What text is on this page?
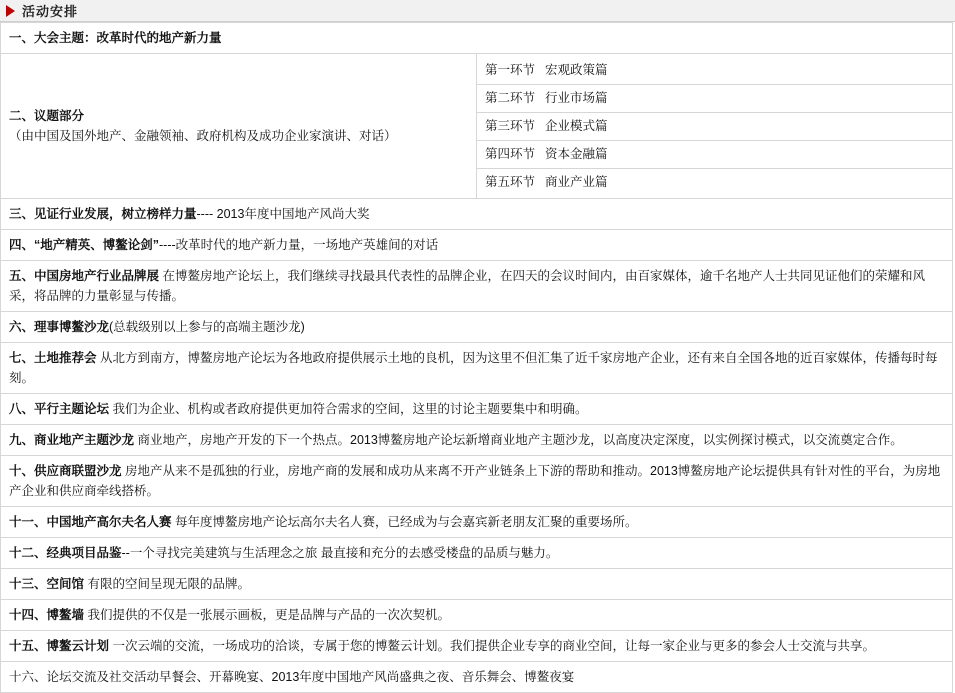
活动安排
一、大会主题：改革时代的地产新力量
二、议题部分（由中国及国外地产、金融领袖、政府机构及成功企业家演讲、对话）	
第一环节 宏观政策篇
第二环节 行业市场篇
第三环节 企业模式篇
第四环节 资本金融篇
第五环节 商业产业篇

三、见证行业发展，树立榜样力量---- 2013年度中国地产风尚大奖
四、“地产精英、博鳌论剑”----改革时代的地产新力量，一场地产英雄间的对话
五、中国房地产行业品牌展 在博鳌房地产论坛上，我们继续寻找最具代表性的品牌企业，在四天的会议时间内，由百家媒体，逾千名地产人士共同见证他们的荣耀和风采，将品牌的力量彰显与传播。
六、理事博鳌沙龙(总载级别以上参与的高端主题沙龙)
七、土地推荐会 从北方到南方，博鳌房地产论坛为各地政府提供展示土地的良机，因为这里不但汇集了近千家房地产企业，还有来自全国各地的近百家媒体，传播每时每刻。
八、平行主题论坛 我们为企业、机构或者政府提供更加符合需求的空间，这里的讨论主题要集中和明确。
九、商业地产主题沙龙 商业地产，房地产开发的下一个热点。2013博鳌房地产论坛新增商业地产主题沙龙，以高度决定深度，以实例探讨模式，以交流奠定合作。
十、供应商联盟沙龙 房地产从来不是孤独的行业，房地产商的发展和成功从来离不开产业链条上下游的帮助和推动。2013博鳌房地产论坛提供具有针对性的平台，为房地产企业和供应商牵线搭桥。
十一、中国地产高尔夫名人赛 每年度博鳌房地产论坛高尔夫名人赛，已经成为与会嘉宾新老朋友汇聚的重要场所。
十二、经典项目品鉴--一个寻找完美建筑与生活理念之旅 最直接和充分的去感受楼盘的品质与魅力。
十三、空间馆 有限的空间呈现无限的品牌。
十四、博鳌墙 我们提供的不仅是一张展示画板，更是品牌与产品的一次次契机。
十五、博鳌云计划 一次云端的交流，一场成功的洽谈，专属于您的博鳌云计划。我们提供企业专享的商业空间，让每一家企业与更多的参会人士交流与共享。
十六、论坛交流及社交活动早餐会、开幕晚宴、2013年度中国地产风尚盛典之夜、音乐舞会、博鳌夜宴
